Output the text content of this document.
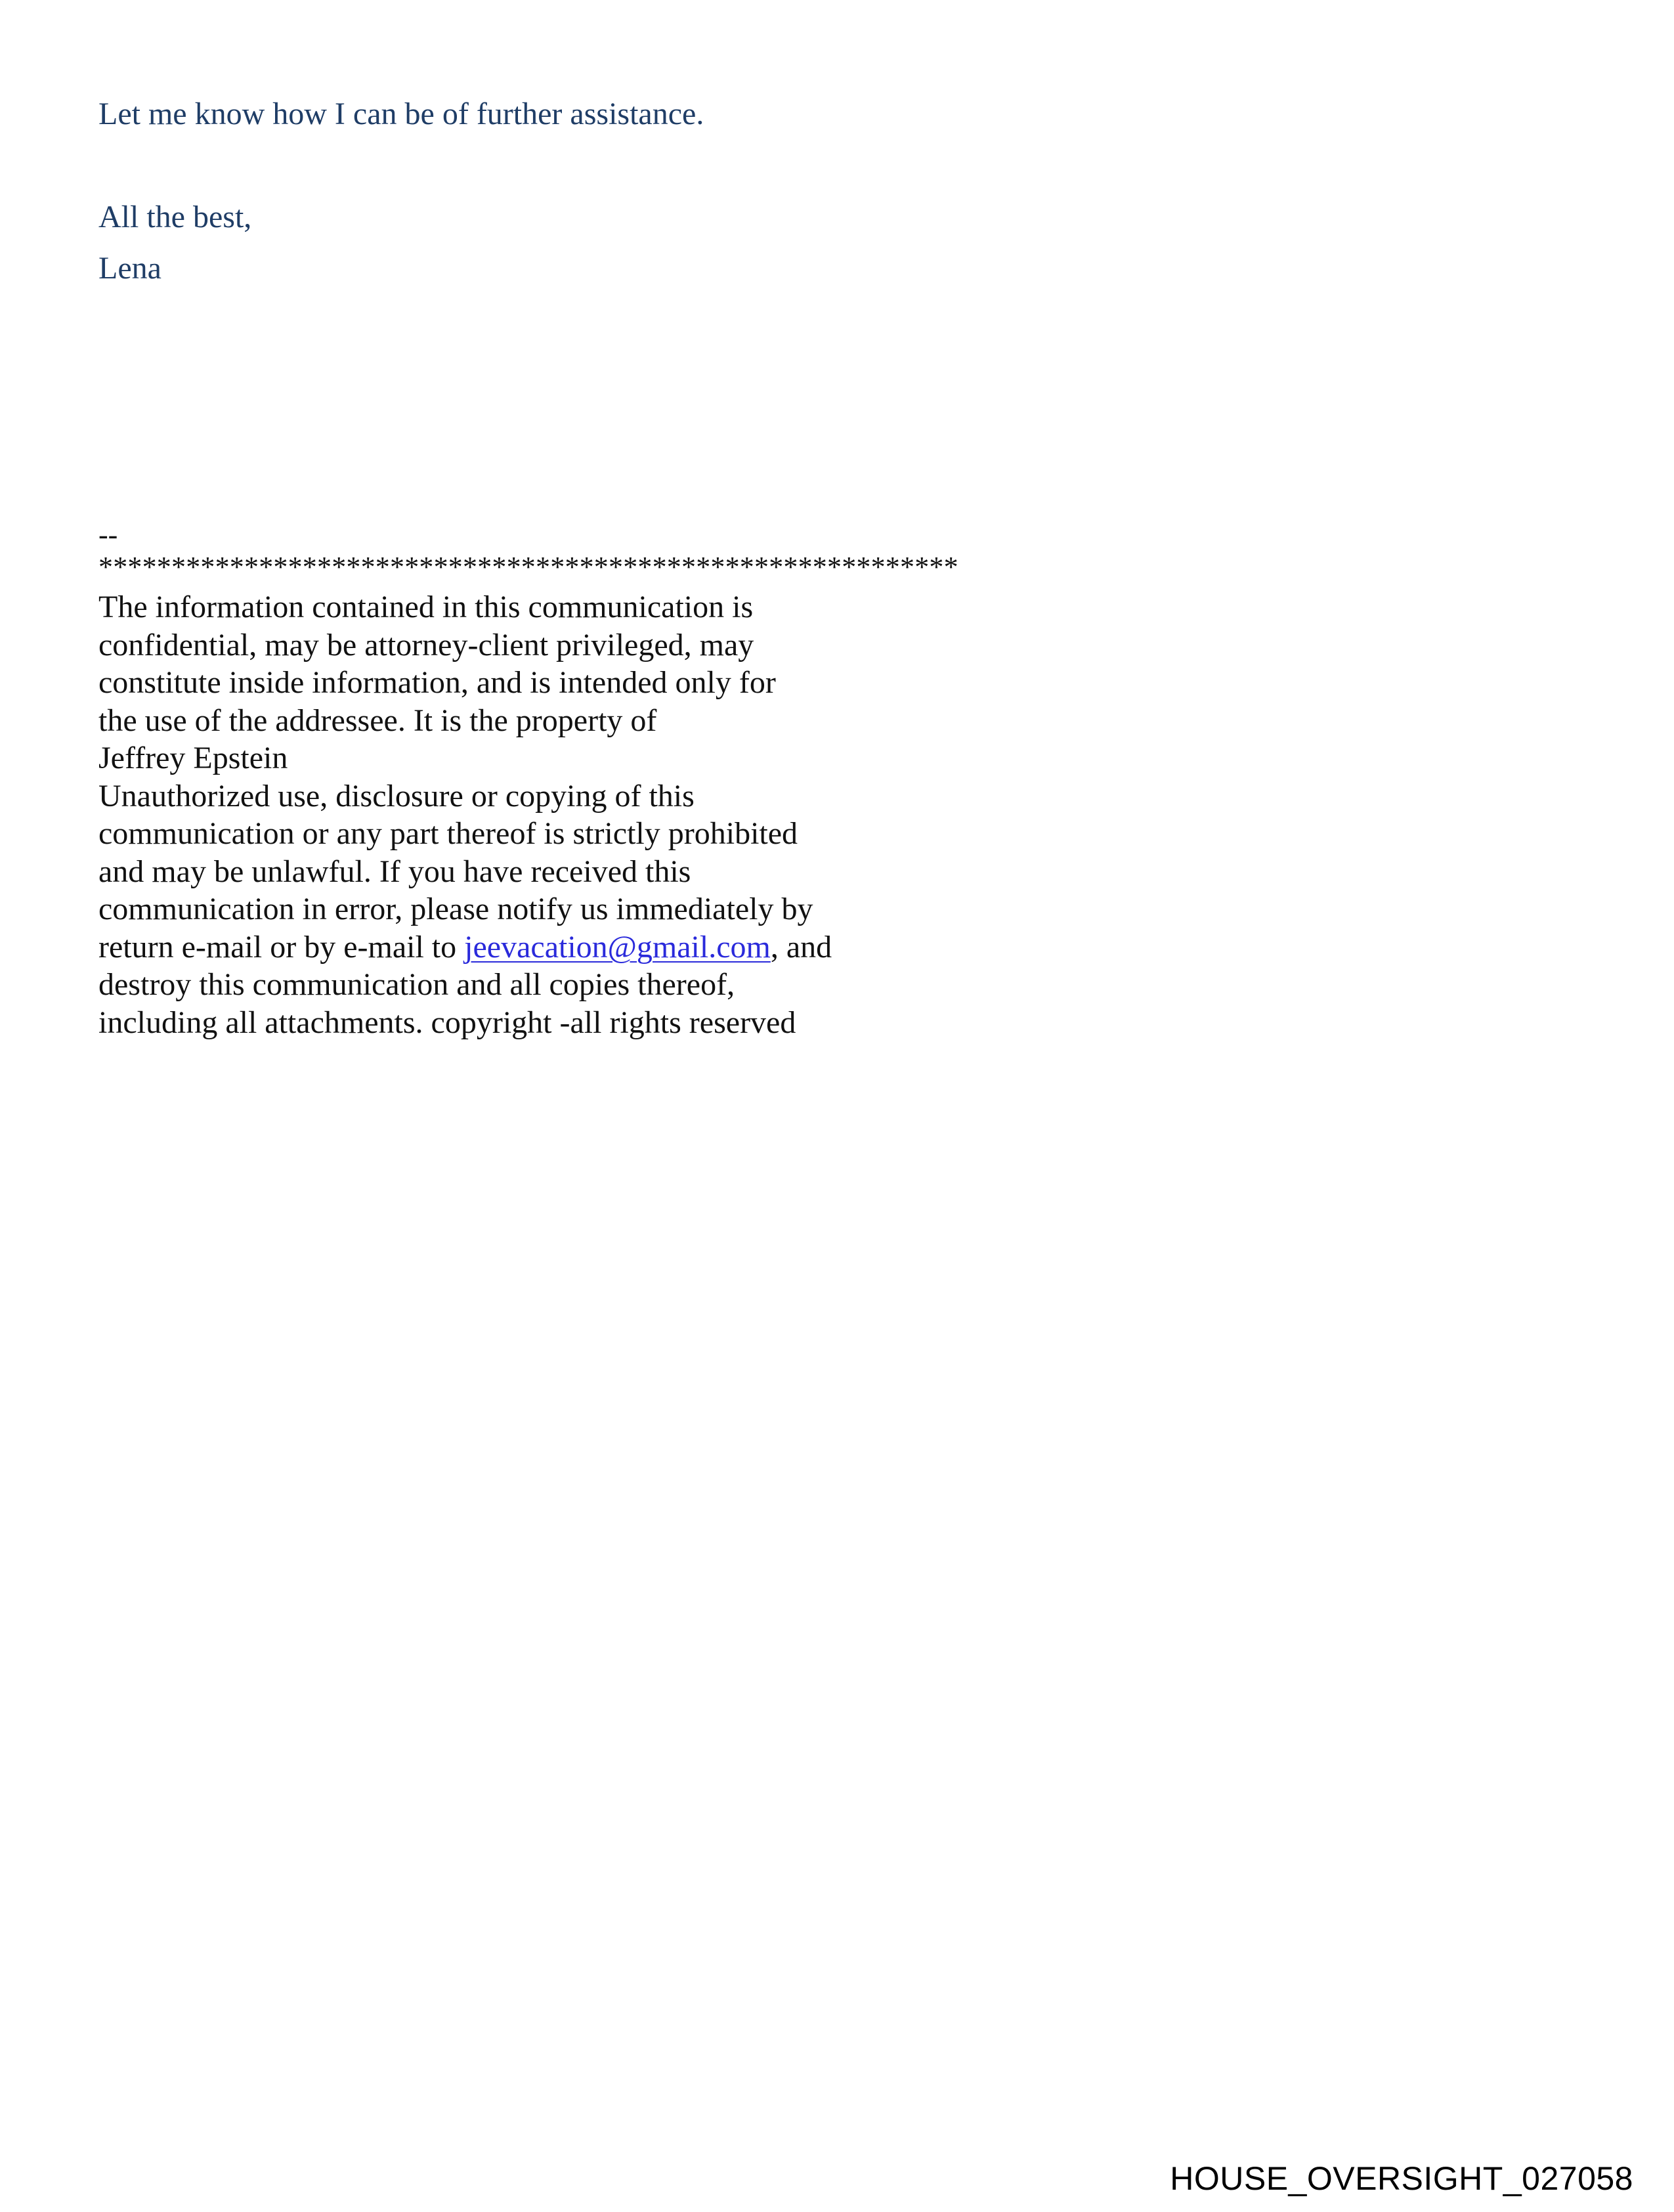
Let me know how I can be of further assistance.
All the best,
Lena
--
***********************************************************
The information contained in this communication is
confidential, may be attorney-client privileged, may
constitute inside information, and is intended only for
the use of the addressee. It is the property of
Jeffrey Epstein
Unauthorized use, disclosure or copying of this
communication or any part thereof is strictly prohibited
and may be unlawful. If you have received this
communication in error, please notify us immediately by
return e-mail or by e-mail to jeevacation@gmail.com, and
destroy this communication and all copies thereof,
including all attachments. copyright -all rights reserved
HOUSE_OVERSIGHT_027058
